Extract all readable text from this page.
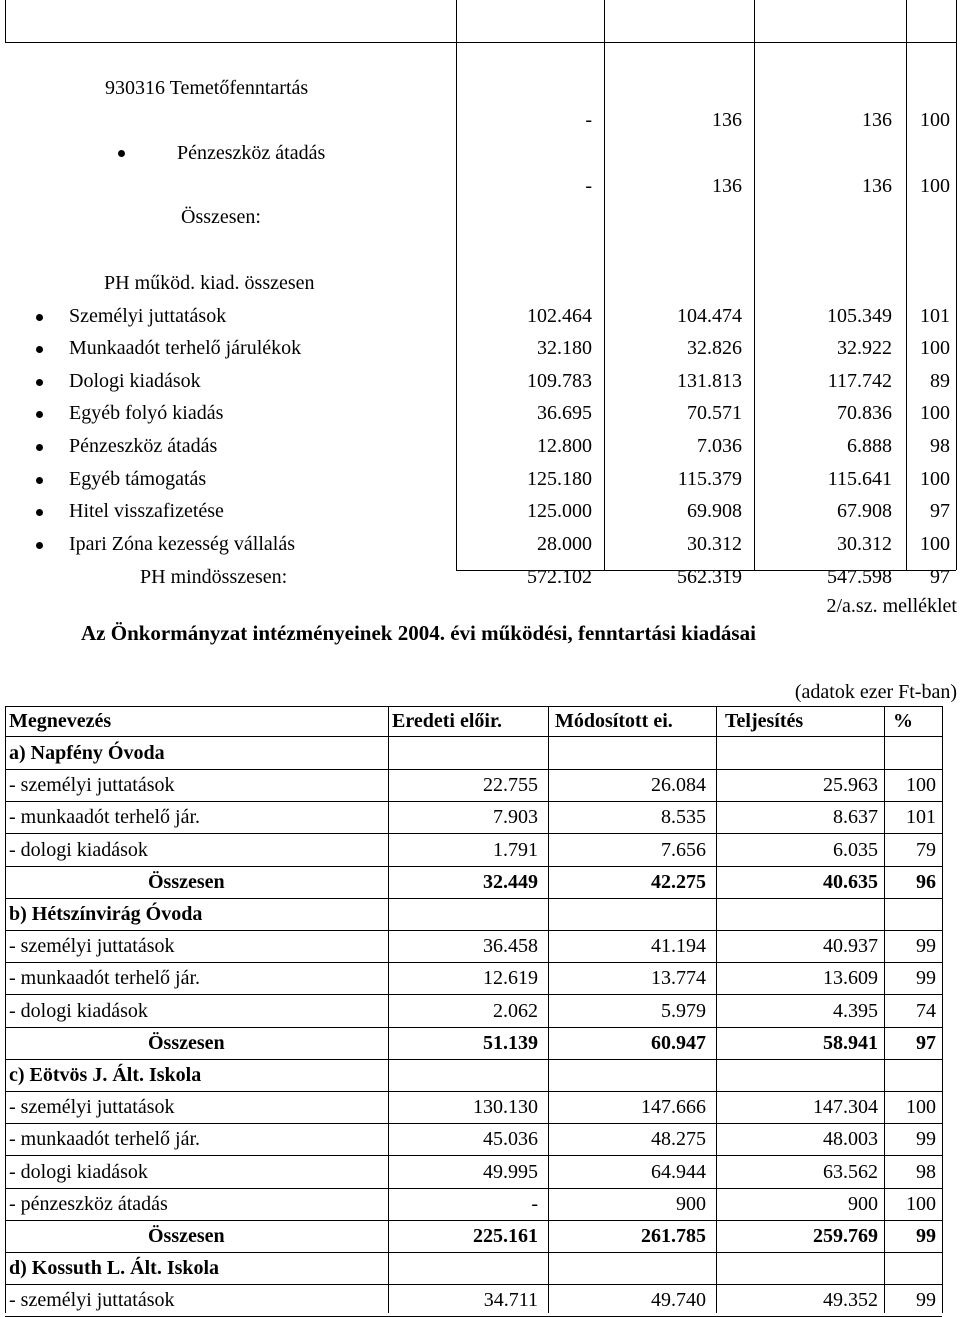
930316 Temetőfenntartás
Pénzeszköz átadás
-	136	136 100
Összesen:
-	136	136 100
PH működ. kiad. összesen
Személyi juttatások	102.464	104.474	105.349 101
Munkaadót terhelő járulékok	32.180	32.826	32.922 100
Dologi kiadások	109.783	131.813	117.742 89
Egyéb folyó kiadás	36.695	70.571	70.836 100
Pénzeszköz átadás	12.800	7.036	6.888 98
Egyéb támogatás	125.180	115.379	115.641 100
Hitel visszafizetése	125.000	69.908	67.908 97
Ipari Zóna kezesség vállalás	28.000	30.312	30.312 100
PH mindösszesen:	572.102	562.319	547.598 97
2/a.sz. melléklet
Az Önkormányzat intézményeinek 2004. évi működési, fenntartási kiadásai
(adatok ezer Ft-ban)
Megnevezés	Eredeti előir.	Módosított ei.	Teljesítés	%
a) Napfény Óvoda
- személyi juttatások	22.755	26.084	25.963 100
- munkaadót terhelő jár.	7.903	8.535	8.637 101
- dologi kiadások	1.791	7.656	6.035 79
Összesen	32.449	42.275	40.635 96
b) Hétszínvirág Óvoda
- személyi juttatások	36.458	41.194	40.937 99
- munkaadót terhelő jár.	12.619	13.774	13.609 99
- dologi kiadások	2.062	5.979	4.395 74
Összesen	51.139	60.947	58.941 97
c) Eötvös J. Ált. Iskola
- személyi juttatások	130.130	147.666	147.304 100
- munkaadót terhelő jár.	45.036	48.275	48.003 99
- dologi kiadások	49.995	64.944	63.562 98
- pénzeszköz átadás	-	900	900 100
Összesen	225.161	261.785	259.769 99
d) Kossuth L. Ált. Iskola
- személyi juttatások	34.711	49.740	49.352 99
